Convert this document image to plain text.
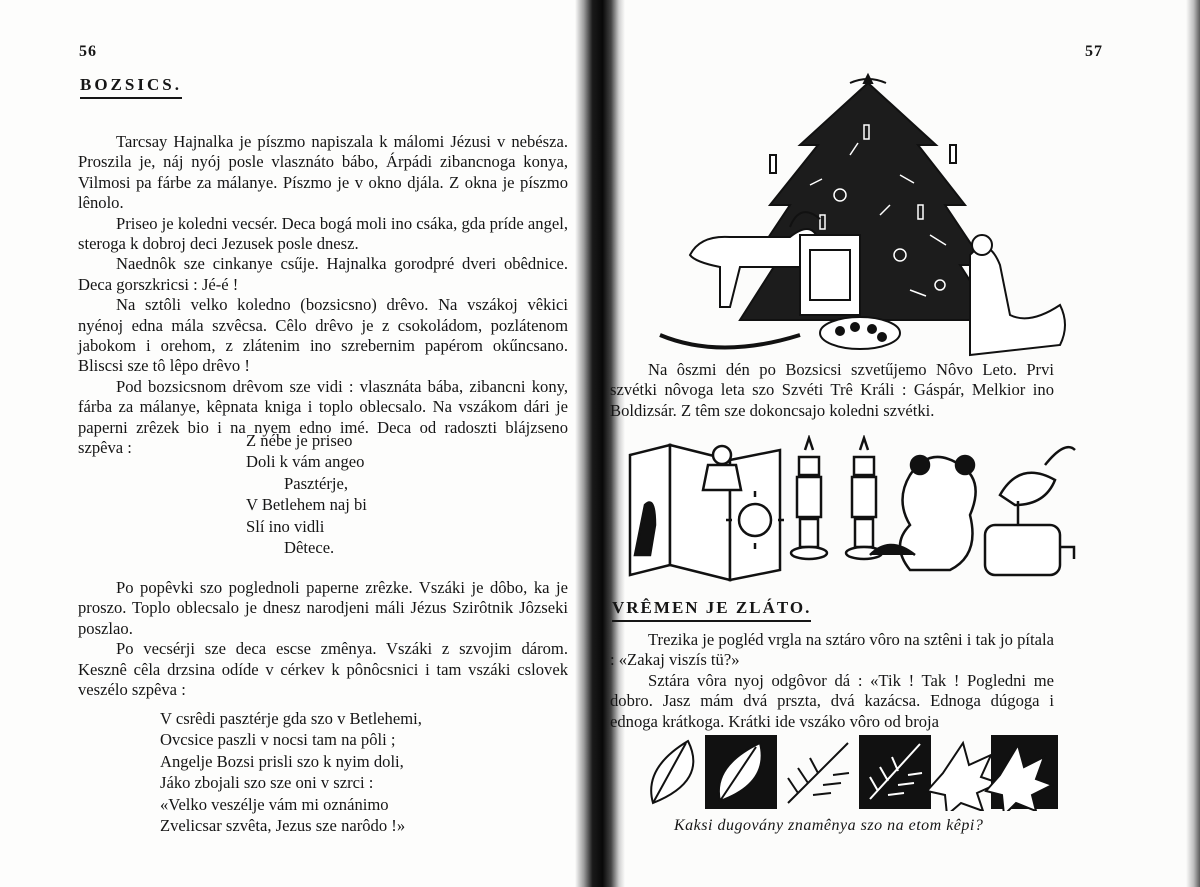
56
BOZSICS.

Tarcsay Hajnalka je píszmo napiszala k málomi Jézusi v nebésza. Proszila je, náj nyój posle vlasznáto bábo, Árpádi zibancnoga konya, Vilmosi pa fárbe za málanye. Píszmo je v okno djála. Z okna je píszmo lênolo.

Priseo je koledni vecsér. Deca bogá moli ino csáka, gda príde angel, steroga k dobroj deci Jezusek posle dnesz.

Naednôk sze cinkanye csűje. Hajnalka gorodpré dveri obêdnice. Deca gorszkricsi : Jé-é !

Na sztôli velko koledno (bozsicsno) drêvo. Na vszákoj vêkici nyénoj edna mála szvêcsa. Cêlo drêvo je z csokoládom, pozlátenom jabokom i orehom, z zlátenim ino szrebernim papérom okűncsano. Bliscsi sze tô lêpo drêvo !

Pod bozsicsnom drêvom sze vidi : vlasznáta bába, zibancni kony, fárba za málanye, kêpnata kniga i toplo oblecsalo. Na vszákom dári je paperni zrêzek bio i na nyem edno imé. Deca od radoszti blájzseno szpêva :	Z nébe je priseo
Doli k vám angeo
Pasztérje,
V Betlehem naj bi
Slí ino vidli
Dêtece.

Po popêvki szo poglednoli paperne zrêzke. Vszáki je dôbo, ka je proszo. Toplo oblecsalo je dnesz narodjeni máli Jézus Szirôtnik Jôzseki poszlao.

Po vecsérji sze deca escse zmênya. Vszáki z szvojim dárom. Kesznê cêla drzsina odíde v cérkev k pônôcsnici i tam vszáki cslovek veszélo szpêva :

V csrêdi pasztérje gda szo v Betlehemi,
Ovcsice paszli v nocsi tam na pôli ;
Angelje Bozsi prisli szo k nyim doli,
Jáko zbojali szo sze oni v szrci :
«Velko veszélje vám mi oznánimo
Zvelicsar szvêta, Jezus sze narôdo !»
57

Na ôszmi dén po Bozsicsi szvetűjemo Nôvo Leto. Prvi szvétki nôvoga leta szo Szvéti Trê Králi : Gáspár, Melkior ino Boldizsár. Z têm sze dokoncsajo koledni szvétki.

VRÊMEN JE ZLÁTO.

Trezika je pogléd vrgla na sztáro vôro na sztêni i tak jo pítala : «Zakaj viszís tü?»

Sztára vôra nyoj odgôvor dá : «Tik ! Tak ! Pogledni me dobro. Jasz mám dvá prszta, dvá kazácsa. Ednoga dúgoga i ednoga krátkoga. Krátki ide vszáko vôro od broja

Kaksi dugovány znamênya szo na etom kêpi?
